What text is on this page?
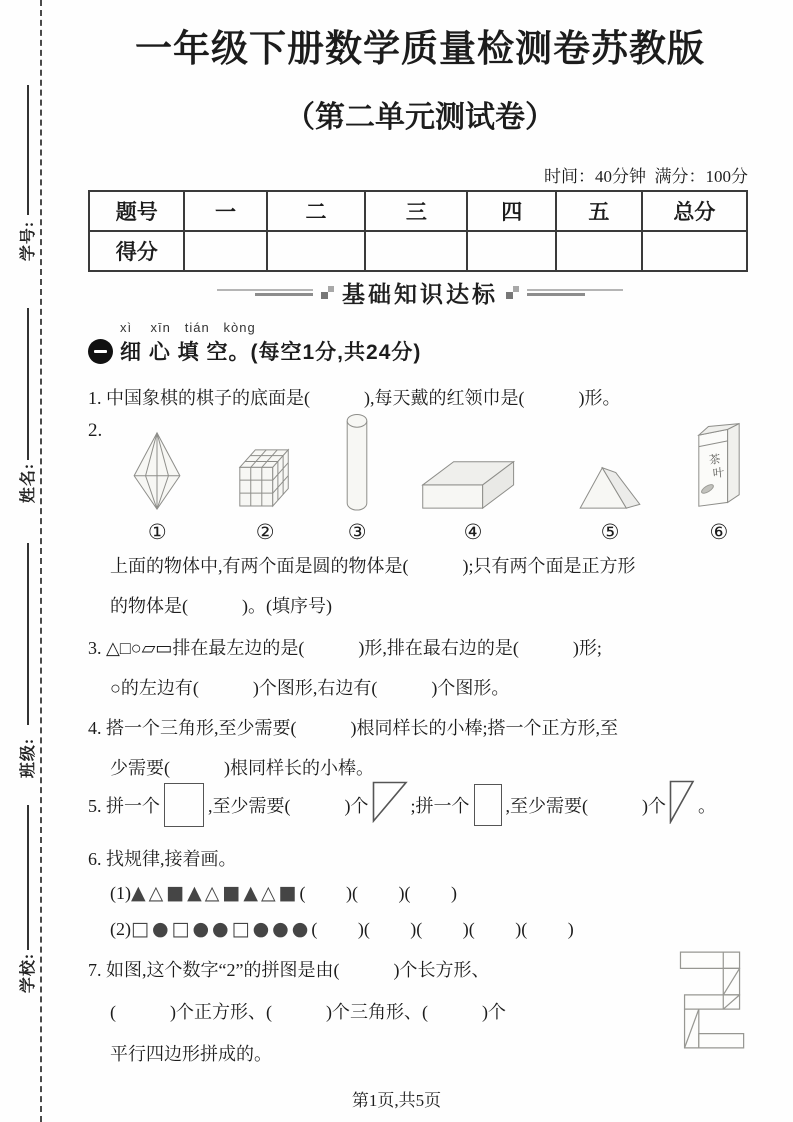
学号:
姓名:
班级:
学校:
一年级下册数学质量检测卷苏教版
（第二单元测试卷）
时间：40分钟  满分：100分
题号	一	二	三	四	五	总分
得分						
基础知识达标
xì    xīn   tián   kòng
细 心 填 空。(每空1分,共24分)
1. 中国象棋的棋子的底面是(            ),每天戴的红领巾是(            )形。
2.
①	②	③	④	⑤
茶
叶
⑥
上面的物体中,有两个面是圆的物体是(            );只有两个面是正方形
的物体是(            )。(填序号)
3. △□○▱▭排在最左边的是(            )形,排在最右边的是(            )形;
○的左边有(            )个图形,右边有(            )个图形。
4. 搭一个三角形,至少需要(            )根同样长的小棒;搭一个正方形,至
少需要(            )根同样长的小棒。
5. 拼一个	,至少需要(            )个 ;拼一个 ,至少需要(            )个 。
6. 找规律,接着画。
(1)▲△■▲△■▲△■(         )(         )(         )
(2)□●□●●□●●●(         )(         )(         )(         )(         )
7. 如图,这个数字“2”的拼图是由(            )个长方形、
(            )个正方形、(            )个三角形、(            )个
平行四边形拼成的。
第1页,共5页
